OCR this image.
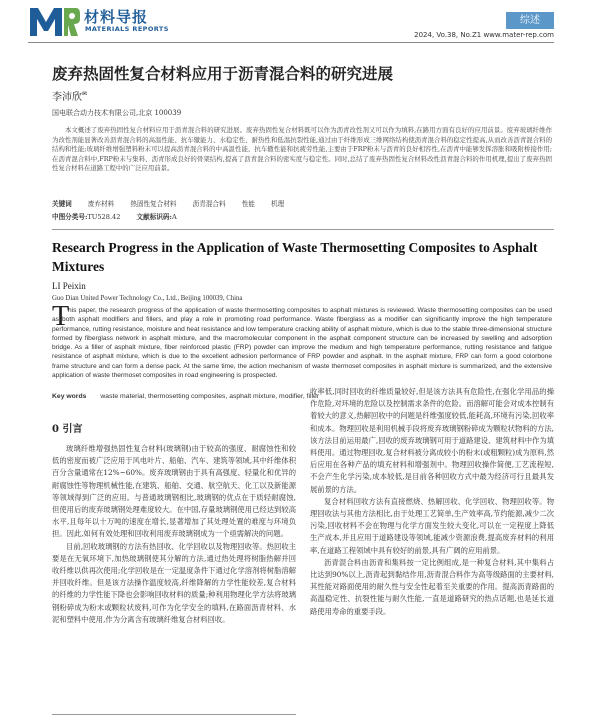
材料导报
MATERIALS REPORTS
综述
2024, Vo.38, No.Z1 www.mater-rep.com
废弃热固性复合材料应用于沥青混合料的研究进展
李沛欣✉
国电联合动力技术有限公司,北京 100039
本文概述了废弃热固性复合材料应用于沥青混合料的研究进展。废弃热固性复合材料既可以作为沥青改性剂又可以作为填料,在路用方面有良好的应用前景。废弃玻璃纤维作为改性剂能显著改善沥青混合料的高温性能、抗车辙能力、水稳定性、耐热性和低温抗裂性能,通过由于纤维形成三维网络结构使沥青混合料的稳定性提高,从而改善沥青混合料的结构和性能;玻璃纤维增强塑料粉末可以提高沥青混合料的中高温性能、抗车辙性能和抗疲劳性能,主要由于FRP粉末与沥青的良好相容性,在沥青中能够发挥溶胀和吸附桥接作用;在沥青混合料中,FRP粉末与集料、沥青形成良好的骨架结构,提高了沥青混合料的密实度与稳定性。同时,总结了废弃热固性复合材料改性沥青混合料的作用机理,提出了废弃热固性复合材料在道路工程中的广泛应用前景。
关键词 废弃材料 热固性复合材料 沥青混合料 性能 机理
中图分类号:TU528.42 文献标识码:A
Research Progress in the Application of Waste Thermosetting Composites to Asphalt Mixtures
LI Peixin
Guo Dian United Power Technology Co., Ltd., Beijing 100039, China
T
his paper, the research progress of the application of waste thermosetting composites to asphalt mixtures is reviewed. Waste thermosetting composites can be used as both asphalt modifiers and fillers, and play a role in promoting road performance. Waste fiberglass as a modifier can significantly improve the high temperature performance, rutting resistance, moisture and heat resistance and low temperature cracking ability of asphalt mixture, which is due to the stable three-dimensional structure formed by fiberglass network in asphalt mixture, and the macromolecular component in the asphalt component structure can be increased by swelling and adsorption bridge. As a filler of asphalt mixture, fiber reinforced plastic (FRP) powder can improve the medium and high temperature performance, rutting resistance and fatigue resistance of asphalt mixture, which is due to the excellent adhesion performance of FRP powder and asphalt. In the asphalt mixture, FRP can form a good colorbone frame structure and can form a dense pack. At the same time, the action mechanism of waste thermoset composites in asphalt mixture is summarized, and the extensive application of waste thermoset composites in road engineering is prospected.
Key words waste material, thermosetting composites, asphalt mixture, modifier, filler
0 引言

玻璃纤维增强热固性复合材料(玻璃钢)由于较高的强度、耐腐蚀性和较低的密度而被广泛应用于风电叶片、船舶、汽车、建筑等领域,其中纤维体积百分含量通常在12%~60%。废弃玻璃钢由于具有高强度、轻量化和优异的耐腐蚀性等物理机械性能,在建筑、船舶、交通、航空航天、化工以及新能源等领域得到广泛的应用。与普通玻璃钢相比,玻璃钢的优点在于质轻耐腐蚀,但使用后的废弃玻璃钢处理难度较大。在中国,存量玻璃钢使用已经达到较高水平,且每年以十万吨的速度在增长,显著增加了其处理处置的难度与环境负担。因此,如何有效处理和回收利用废弃玻璃钢成为一个亟需解决的问题。

目前,回收玻璃钢的方法有热回收、化学回收以及物理回收等。热回收主要是在无氧环境下,加热玻璃钢使其分解的方法,通过热处理将树脂热解并回收纤维以供再次使用;化学回收是在一定温度条件下通过化学溶剂将树脂溶解并回收纤维。但是该方法操作温度较高,纤维降解的力学性能较差,复合材料的纤维的力学性能下降也会影响回收材料的质量;种利用物理化学方法将玻璃钢粉碎成为粉末或颗粒状废料,可作为化学安全的填料,在路面沥青材料、水泥和塑料中使用,作为分离含有玻璃纤维复合材料回收。

收率低,同时回收的纤维质量较好,但是该方法具有危险性,在强化学用品的操作危险,对环境的危险以及控制需求条件的危险。而溶解可能会对成本控制有着较大的意义,热解回收中的问题是纤维强度较低,能耗高,环境有污染,回收率和成本。物理回收是利用机械手段将废弃玻璃钢粉碎成为颗粒状物料的方法,该方法目前运用最广,回收的废弃玻璃钢可用于道路建设、建筑材料中作为填料使用。通过物理回收,复合材料被分离成较小的粉末(或粗颗粒)成为原料,然后应用在各种产品的填充材料和增强剂中。物理回收操作简便,工艺流程短,不会产生化学污染,成本较低,是目前各种回收方式中最为经济可行且最具发展前景的方法。

复合材料回收方法有直接燃烧、热解回收、化学回收、物理回收等。物理回收法与其他方法相比,由于处理工艺简单,生产效率高,节约能源,减少二次污染,回收材料不会在物理与化学方面发生较大变化,可以在一定程度上降低生产成本,并且应用于道路建设等领域,能减少资源浪费,提高废弃材料的利用率,在道路工程领域中具有较好的前景,具有广阔的应用前景。

沥青混合料由沥青和集料按一定比例组成,是一种复合材料,其中集料占比达到90%以上,沥青起到黏结作用,沥青混合料作为高等级路面的主要材料,其性能对路面使用的耐久性与安全性起着至关重要的作用。提高沥青路面的高温稳定性、抗裂性能与耐久性能,一直是道路研究的热点话题,也是延长道路使用寿命的重要手段。
